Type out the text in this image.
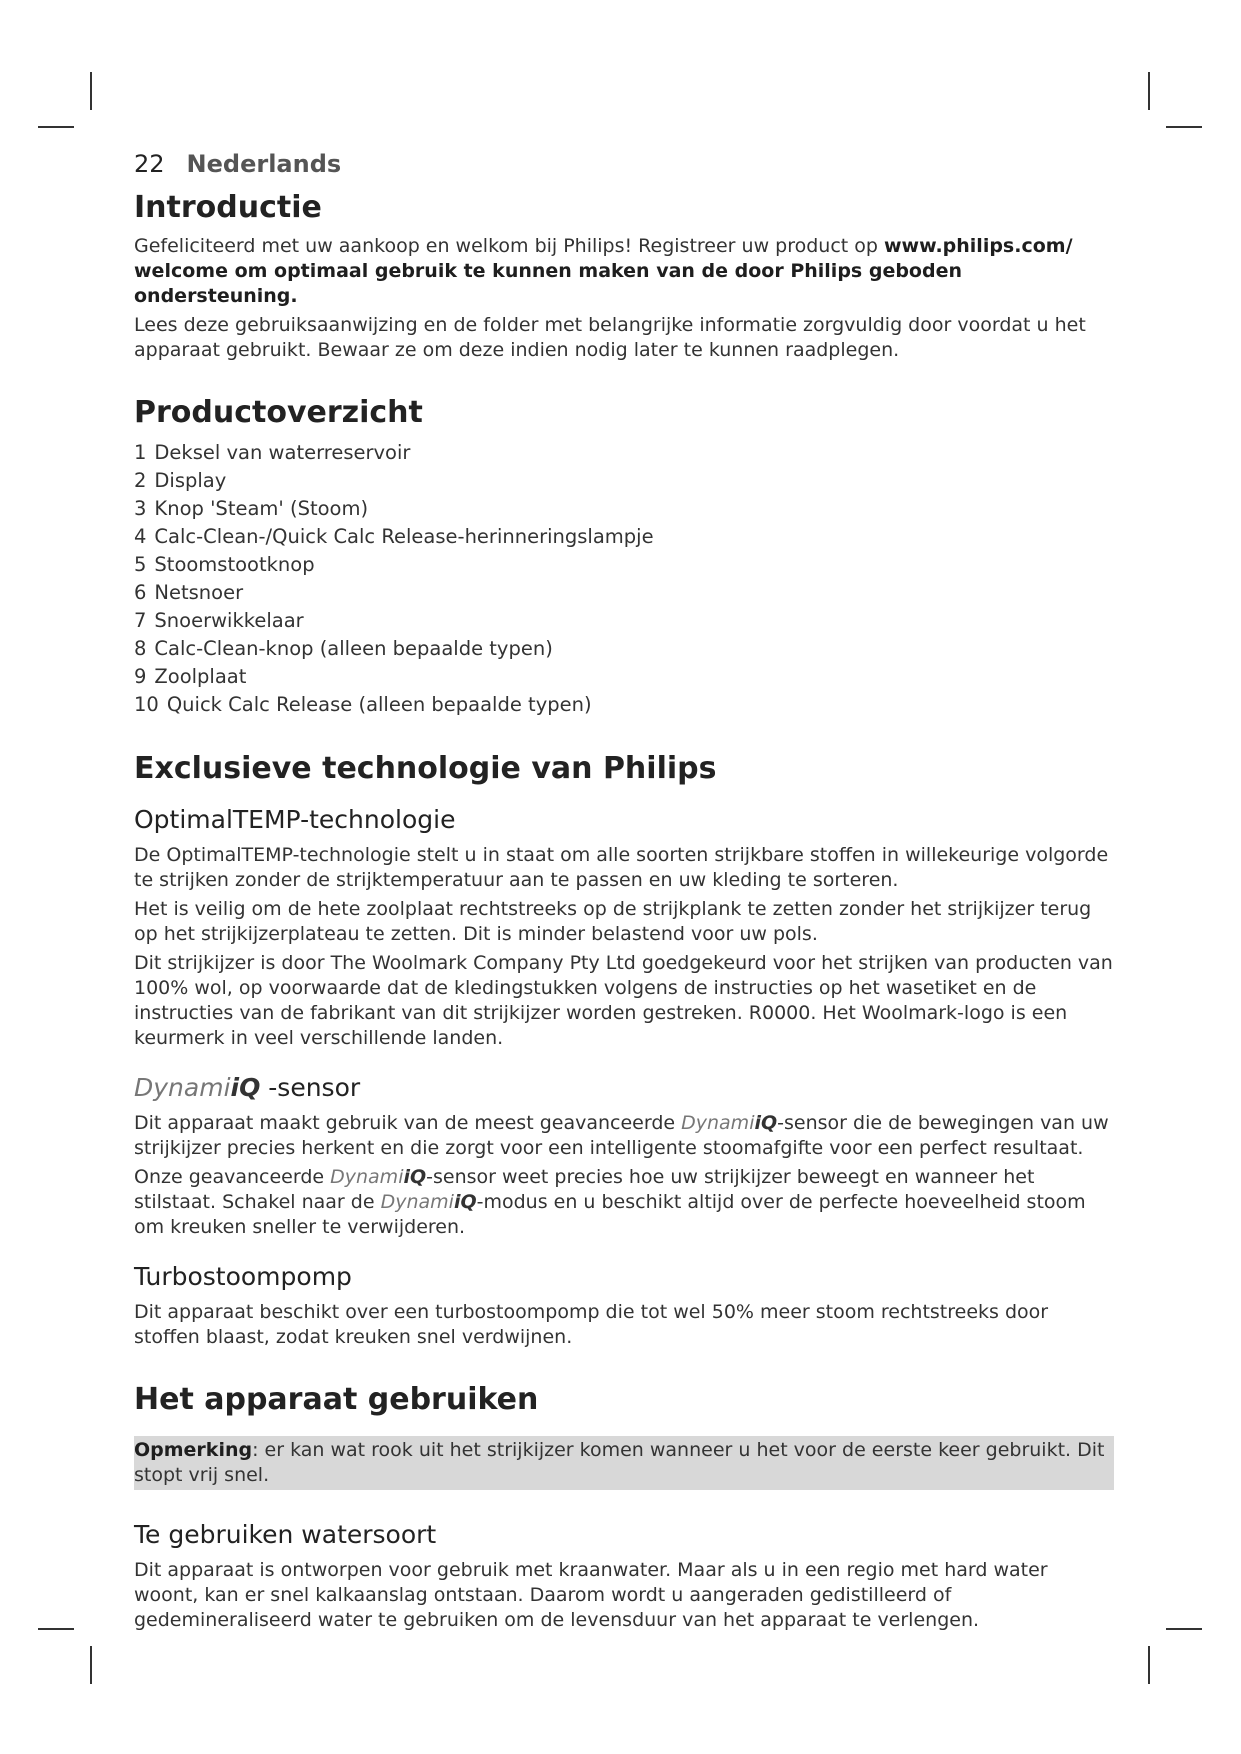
22 Nederlands
Introductie

Gefeliciteerd met uw aankoop en welkom bij Philips! Registreer uw product op www.philips.com/ welcome om optimaal gebruik te kunnen maken van de door Philips geboden ondersteuning.

Lees deze gebruiksaanwijzing en de folder met belangrijke informatie zorgvuldig door voordat u het apparaat gebruikt. Bewaar ze om deze indien nodig later te kunnen raadplegen.

Productoverzicht
1 Deksel van waterreservoir
2 Display
3 Knop 'Steam' (Stoom)
4 Calc-Clean-/Quick Calc Release-herinneringslampje
5 Stoomstootknop
6 Netsnoer
7 Snoerwikkelaar
8 Calc-Clean-knop (alleen bepaalde typen)
9 Zoolplaat
10 Quick Calc Release (alleen bepaalde typen)
Exclusieve technologie van Philips
OptimalTEMP-technologie

De OptimalTEMP-technologie stelt u in staat om alle soorten strijkbare stoffen in willekeurige volgorde te strijken zonder de strijktemperatuur aan te passen en uw kleding te sorteren.

Het is veilig om de hete zoolplaat rechtstreeks op de strijkplank te zetten zonder het strijkijzer terug op het strijkijzerplateau te zetten. Dit is minder belastend voor uw pols.

Dit strijkijzer is door The Woolmark Company Pty Ltd goedgekeurd voor het strijken van producten van 100% wol, op voorwaarde dat de kledingstukken volgens de instructies op het wasetiket en de instructies van de fabrikant van dit strijkijzer worden gestreken. R0000. Het Woolmark-logo is een keurmerk in veel verschillende landen.

DynamiiQ -sensor

Dit apparaat maakt gebruik van de meest geavanceerde DynamiiQ-sensor die de bewegingen van uw strijkijzer precies herkent en die zorgt voor een intelligente stoomafgifte voor een perfect resultaat.

Onze geavanceerde DynamiiQ-sensor weet precies hoe uw strijkijzer beweegt en wanneer het stilstaat. Schakel naar de DynamiiQ-modus en u beschikt altijd over de perfecte hoeveelheid stoom om kreuken sneller te verwijderen.

Turbostoompomp

Dit apparaat beschikt over een turbostoompomp die tot wel 50% meer stoom rechtstreeks door stoffen blaast, zodat kreuken snel verdwijnen.

Het apparaat gebruiken

Opmerking: er kan wat rook uit het strijkijzer komen wanneer u het voor de eerste keer gebruikt. Dit stopt vrij snel.

Te gebruiken watersoort

Dit apparaat is ontworpen voor gebruik met kraanwater. Maar als u in een regio met hard water woont, kan er snel kalkaanslag ontstaan. Daarom wordt u aangeraden gedistilleerd of gedemineraliseerd water te gebruiken om de levensduur van het apparaat te verlengen.
